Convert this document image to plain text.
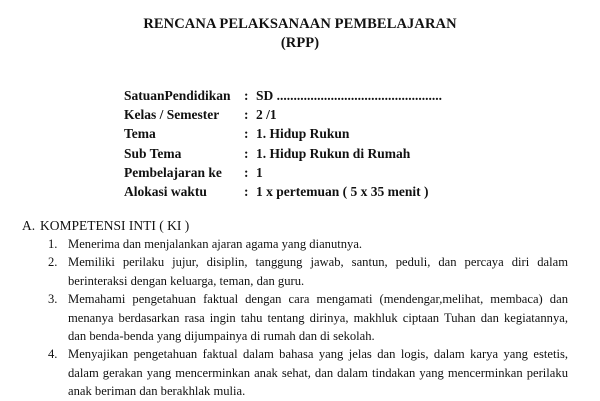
RENCANA PELAKSANAAN PEMBELAJARAN
(RPP)
SatuanPendidikan : SD .................................................
Kelas / Semester : 2 /1
Tema	: 1. Hidup Rukun
Sub Tema	: 1. Hidup Rukun di Rumah
Pembelajaran ke : 1
Alokasi waktu	: 1 x pertemuan ( 5 x 35 menit )
A. KOMPETENSI INTI ( KI )
1. Menerima dan menjalankan ajaran agama yang dianutnya.
2. Memiliki perilaku jujur, disiplin, tanggung jawab, santun, peduli, dan percaya diri dalam berinteraksi dengan keluarga, teman, dan guru.
3. Memahami pengetahuan faktual dengan cara mengamati (mendengar,melihat, membaca) dan menanya berdasarkan rasa ingin tahu tentang dirinya, makhluk ciptaan Tuhan dan kegiatannya, dan benda-benda yang dijumpainya di rumah dan di sekolah.
4. Menyajikan pengetahuan faktual dalam bahasa yang jelas dan logis, dalam karya yang estetis, dalam gerakan yang mencerminkan anak sehat, dan dalam tindakan yang mencerminkan perilaku anak beriman dan berakhlak mulia.
